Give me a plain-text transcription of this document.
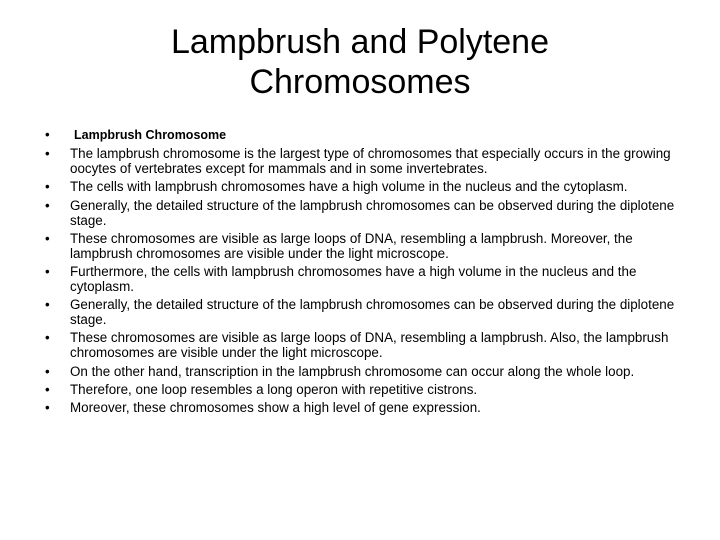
Lampbrush and Polytene Chromosomes
• Lampbrush Chromosome
• The lampbrush chromosome is the largest type of chromosomes that especially occurs in the growing oocytes of vertebrates except for mammals and in some invertebrates.
• The cells with lampbrush chromosomes have a high volume in the nucleus and the cytoplasm.
• Generally, the detailed structure of the lampbrush chromosomes can be observed during the diplotene stage.
• These chromosomes are visible as large loops of DNA, resembling a lampbrush. Moreover, the lampbrush chromosomes are visible under the light microscope.
• Furthermore, the cells with lampbrush chromosomes have a high volume in the nucleus and the cytoplasm.
• Generally, the detailed structure of the lampbrush chromosomes can be observed during the diplotene stage.
• These chromosomes are visible as large loops of DNA, resembling a lampbrush. Also, the lampbrush chromosomes are visible under the light microscope.
• On the other hand, transcription in the lampbrush chromosome can occur along the whole loop.
• Therefore, one loop resembles a long operon with repetitive cistrons.
• Moreover, these chromosomes show a high level of gene expression.
